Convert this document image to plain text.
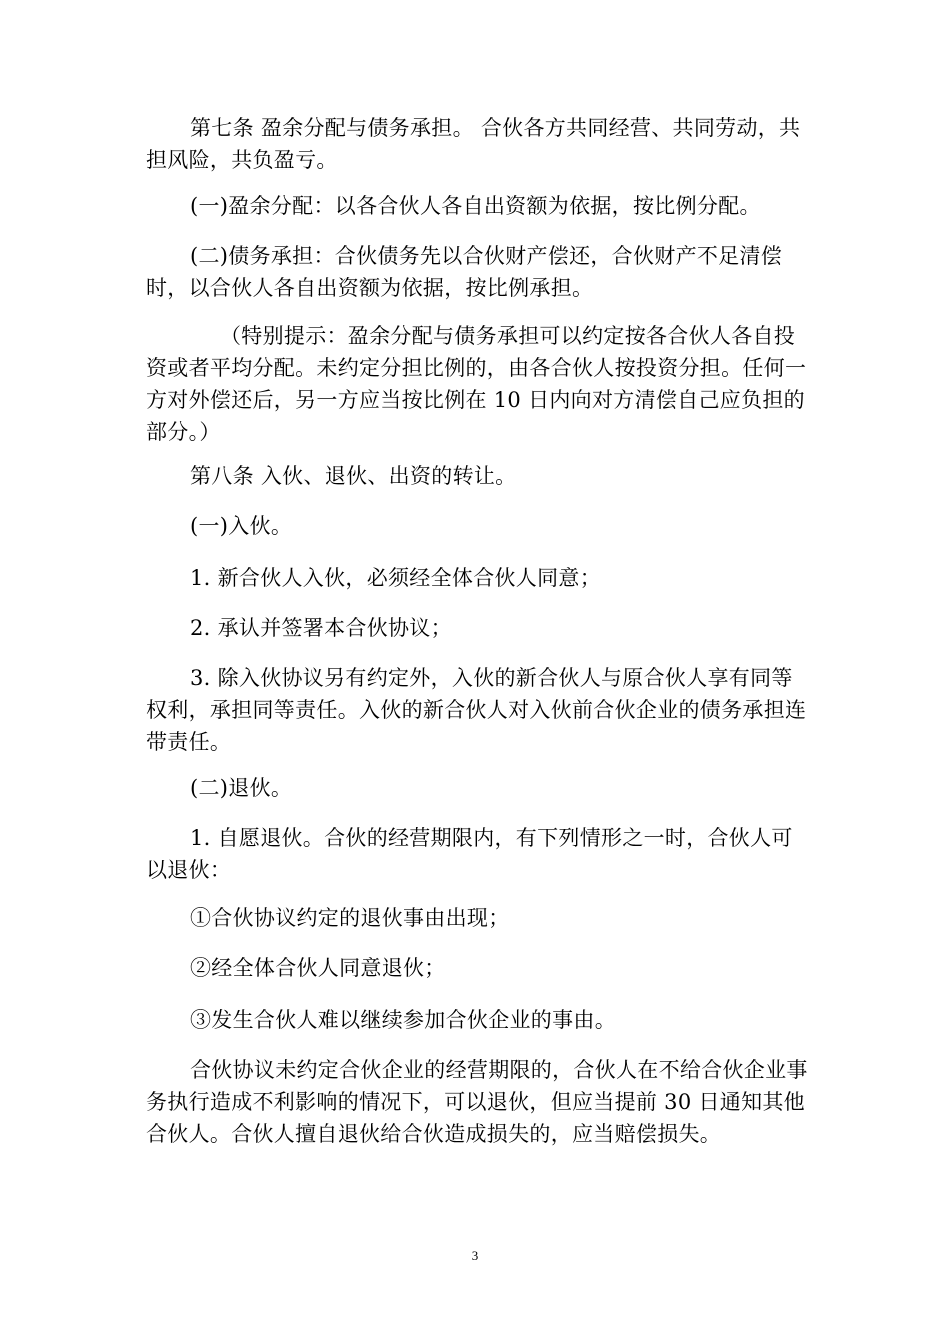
第七条 盈余分配与债务承担。 合伙各方共同经营、共同劳动，共担风险，共负盈亏。

(一)盈余分配：以各合伙人各自出资额为依据，按比例分配。

(二)债务承担：合伙债务先以合伙财产偿还，合伙财产不足清偿时，以合伙人各自出资额为依据，按比例承担。

（特别提示：盈余分配与债务承担可以约定按各合伙人各自投资或者平均分配。未约定分担比例的，由各合伙人按投资分担。任何一方对外偿还后，另一方应当按比例在 10 日内向对方清偿自己应负担的部分。）

第八条 入伙、退伙、出资的转让。

(一)入伙。

1. 新合伙人入伙，必须经全体合伙人同意；

2. 承认并签署本合伙协议；

3. 除入伙协议另有约定外，入伙的新合伙人与原合伙人享有同等权利，承担同等责任。入伙的新合伙人对入伙前合伙企业的债务承担连带责任。

(二)退伙。

1. 自愿退伙。合伙的经营期限内，有下列情形之一时，合伙人可以退伙：

①合伙协议约定的退伙事由出现；

②经全体合伙人同意退伙；

③发生合伙人难以继续参加合伙企业的事由。

合伙协议未约定合伙企业的经营期限的，合伙人在不给合伙企业事务执行造成不利影响的情况下，可以退伙，但应当提前 30 日通知其他合伙人。合伙人擅自退伙给合伙造成损失的，应当赔偿损失。

3
